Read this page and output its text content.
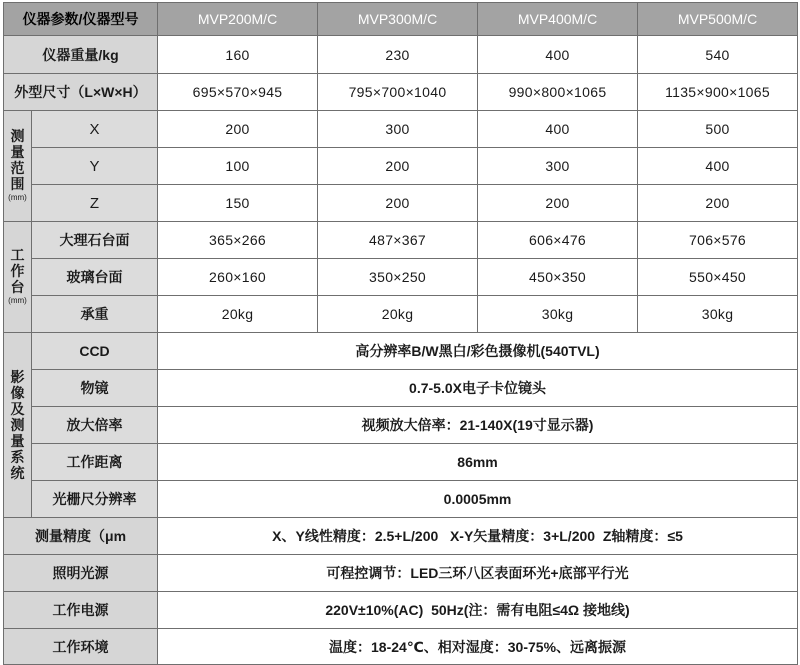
仪器参数/仪器型号		MVP200M/C	MVP300M/C	MVP400M/C	MVP500M/C
仪器重量/kg		160	230	400	540
外型尺寸（L×W×H）		695×570×945	795×700×1040	990×800×1065	1135×900×1065

测量范围
(mm)	X	200	300	400	500
	Y	100	200	300	400
	Z	150	200	200	200

工作台
(mm)	大理石台面	365×266	487×367	606×476	706×576
	玻璃台面	260×160	350×250	450×350	550×450
	承重	20kg	20kg	30kg	30kg

影像及测量系统	CCD	高分辨率B/W黑白/彩色摄像机(540TVL)			
	物镜	0.7-5.0X电子卡位镜头			
	放大倍率	视频放大倍率：21-140X(19寸显示器)			
	工作距离	86mm			
	光栅尺分辨率	0.0005mm			
测量精度（μm		X、Y线性精度：2.5+L/200   X-Y矢量精度：3+L/200  Z轴精度：≤5			
照明光源		可程控调节：LED三环八区表面环光+底部平行光			
工作电源		220V±10%(AC)  50Hz(注：需有电阻≤4Ω 接地线)			
工作环境		温度：18-24℃、相对湿度：30-75%、远离振源			
